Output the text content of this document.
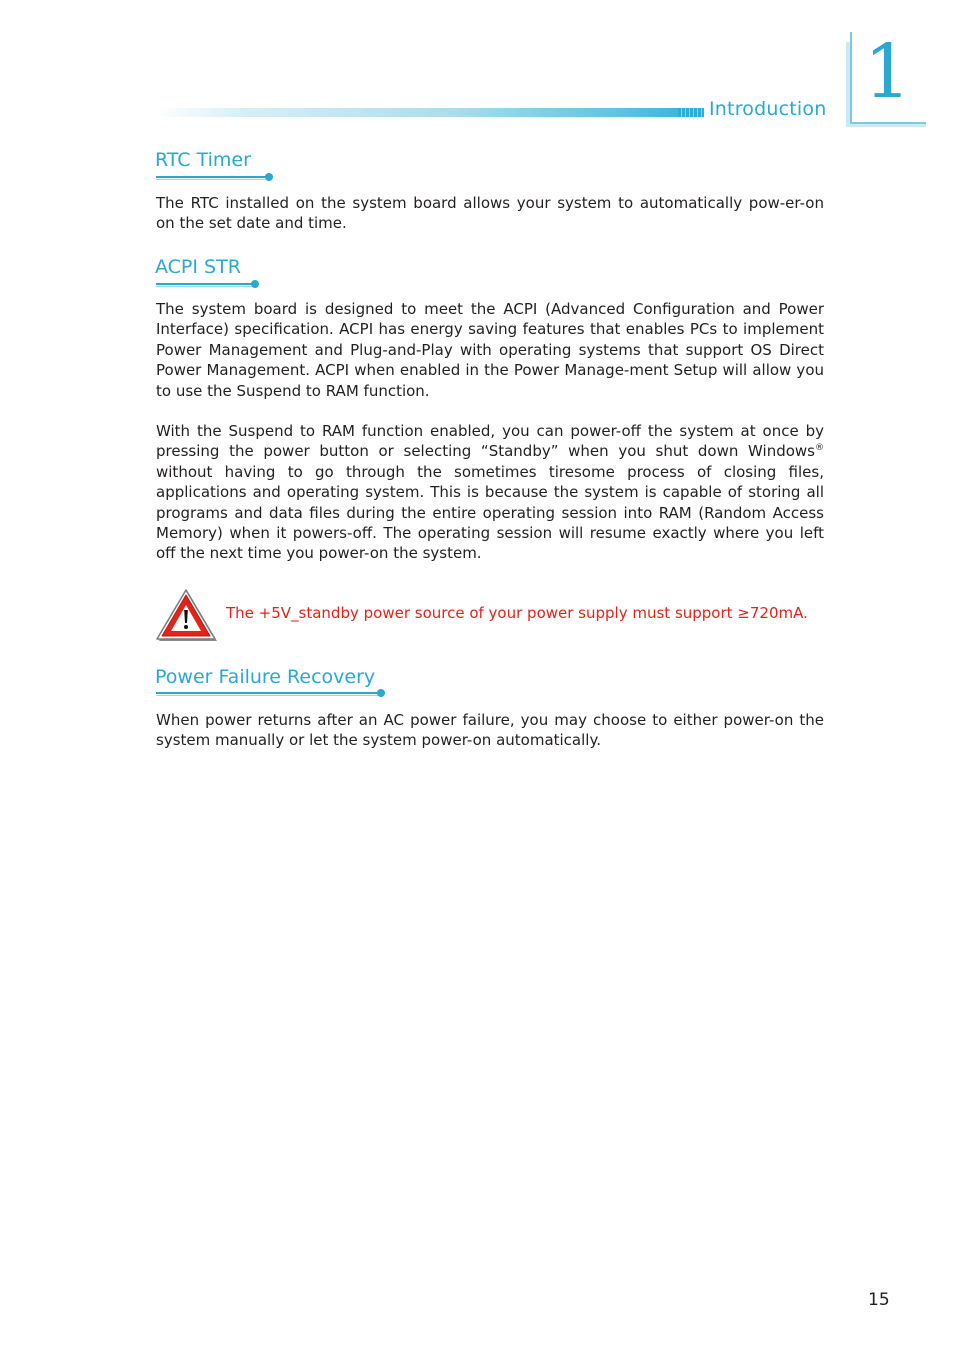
Introduction 1
RTC Timer

The RTC installed on the system board allows your system to automatically pow-er-on on the set date and time.

ACPI STR

The system board is designed to meet the ACPI (Advanced Configuration and Power Interface) specification. ACPI has energy saving features that enables PCs to implement Power Management and Plug-and-Play with operating systems that support OS Direct Power Management. ACPI when enabled in the Power Manage-ment Setup will allow you to use the Suspend to RAM function.

With the Suspend to RAM function enabled, you can power-off the system at once by pressing the power button or selecting “Standby” when you shut down Windows® without having to go through the sometimes tiresome process of closing files, applications and operating system. This is because the system is capable of storing all programs and data files during the entire operating session into RAM (Random Access Memory) when it powers-off. The operating session will resume exactly where you left off the next time you power-on the system.

The +5V_standby power source of your power supply must support ≥720mA.

Power Failure Recovery

When power returns after an AC power failure, you may choose to either power-on the system manually or let the system power-on automatically.

15
